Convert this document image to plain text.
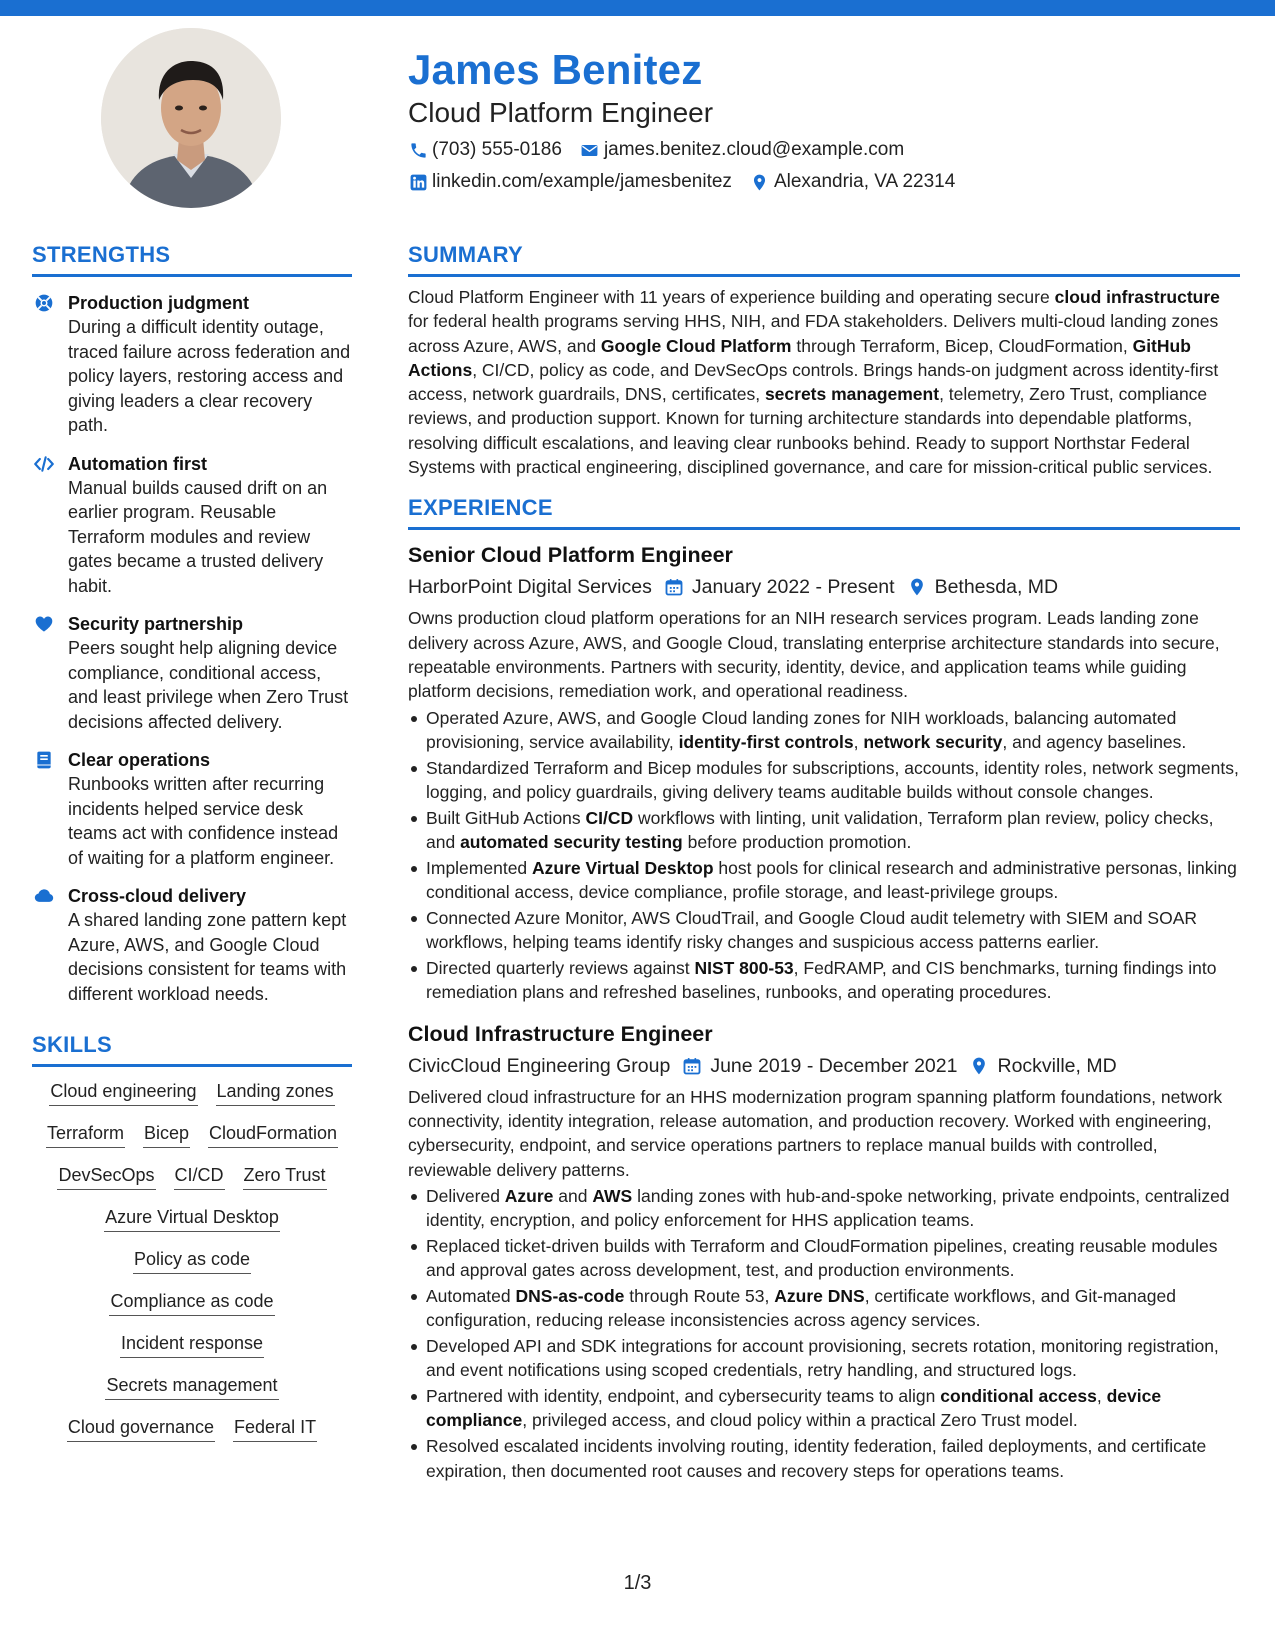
James Benitez
Cloud Platform Engineer
(703) 555-0186 james.benitez.cloud@example.com
linkedin.com/example/jamesbenitez Alexandria, VA 22314
STRENGTHS
Production judgment
During a difficult identity outage, traced failure across federation and policy layers, restoring access and giving leaders a clear recovery path.
Automation first
Manual builds caused drift on an earlier program. Reusable Terraform modules and review gates became a trusted delivery habit.
Security partnership
Peers sought help aligning device compliance, conditional access, and least privilege when Zero Trust decisions affected delivery.
Clear operations
Runbooks written after recurring incidents helped service desk teams act with confidence instead of waiting for a platform engineer.
Cross-cloud delivery
A shared landing zone pattern kept Azure, AWS, and Google Cloud decisions consistent for teams with different workload needs.
SKILLS
Cloud engineering Landing zones
Terraform Bicep CloudFormation
DevSecOps CI/CD Zero Trust
Azure Virtual Desktop
Policy as code
Compliance as code
Incident response
Secrets management
Cloud governance Federal IT
SUMMARY
Cloud Platform Engineer with 11 years of experience building and operating secure cloud infrastructure for federal health programs serving HHS, NIH, and FDA stakeholders. Delivers multi-cloud landing zones across Azure, AWS, and Google Cloud Platform through Terraform, Bicep, CloudFormation, GitHub Actions, CI/CD, policy as code, and DevSecOps controls. Brings hands-on judgment across identity-first access, network guardrails, DNS, certificates, secrets management, telemetry, Zero Trust, compliance reviews, and production support. Known for turning architecture standards into dependable platforms, resolving difficult escalations, and leaving clear runbooks behind. Ready to support Northstar Federal Systems with practical engineering, disciplined governance, and care for mission-critical public services.
EXPERIENCE
Senior Cloud Platform Engineer
HarborPoint Digital Services January 2022 - Present Bethesda, MD
Owns production cloud platform operations for an NIH research services program. Leads landing zone delivery across Azure, AWS, and Google Cloud, translating enterprise architecture standards into secure, repeatable environments. Partners with security, identity, device, and application teams while guiding platform decisions, remediation work, and operational readiness.
Operated Azure, AWS, and Google Cloud landing zones for NIH workloads, balancing automated provisioning, service availability, identity-first controls, network security, and agency baselines.
Standardized Terraform and Bicep modules for subscriptions, accounts, identity roles, network segments, logging, and policy guardrails, giving delivery teams auditable builds without console changes.
Built GitHub Actions CI/CD workflows with linting, unit validation, Terraform plan review, policy checks, and automated security testing before production promotion.
Implemented Azure Virtual Desktop host pools for clinical research and administrative personas, linking conditional access, device compliance, profile storage, and least-privilege groups.
Connected Azure Monitor, AWS CloudTrail, and Google Cloud audit telemetry with SIEM and SOAR workflows, helping teams identify risky changes and suspicious access patterns earlier.
Directed quarterly reviews against NIST 800-53, FedRAMP, and CIS benchmarks, turning findings into remediation plans and refreshed baselines, runbooks, and operating procedures.
Cloud Infrastructure Engineer
CivicCloud Engineering Group June 2019 - December 2021 Rockville, MD
Delivered cloud infrastructure for an HHS modernization program spanning platform foundations, network connectivity, identity integration, release automation, and production recovery. Worked with engineering, cybersecurity, endpoint, and service operations partners to replace manual builds with controlled, reviewable delivery patterns.
Delivered Azure and AWS landing zones with hub-and-spoke networking, private endpoints, centralized identity, encryption, and policy enforcement for HHS application teams.
Replaced ticket-driven builds with Terraform and CloudFormation pipelines, creating reusable modules and approval gates across development, test, and production environments.
Automated DNS-as-code through Route 53, Azure DNS, certificate workflows, and Git-managed configuration, reducing release inconsistencies across agency services.
Developed API and SDK integrations for account provisioning, secrets rotation, monitoring registration, and event notifications using scoped credentials, retry handling, and structured logs.
Partnered with identity, endpoint, and cybersecurity teams to align conditional access, device compliance, privileged access, and cloud policy within a practical Zero Trust model.
Resolved escalated incidents involving routing, identity federation, failed deployments, and certificate expiration, then documented root causes and recovery steps for operations teams.
1/3
